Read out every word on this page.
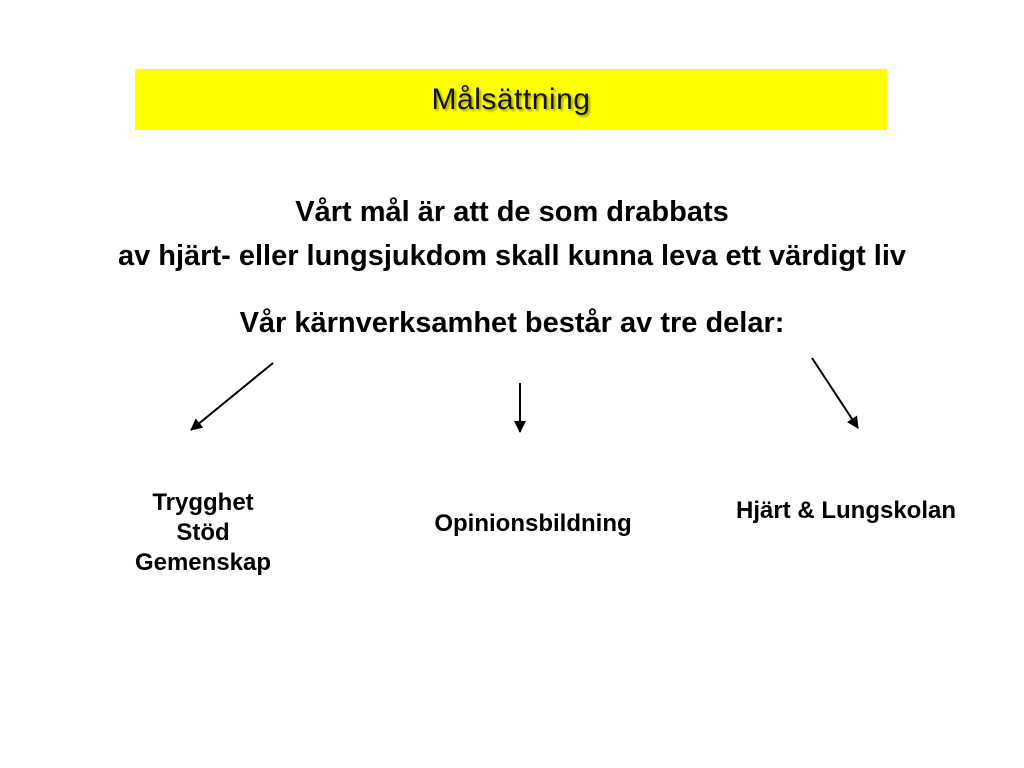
Målsättning
Vårt mål är att de som drabbats
av hjärt- eller lungsjukdom skall kunna leva ett värdigt liv
Vår kärnverksamhet består av tre delar:
Trygghet
Stöd
Gemenskap
Opinionsbildning	Hjärt & Lungskolan
